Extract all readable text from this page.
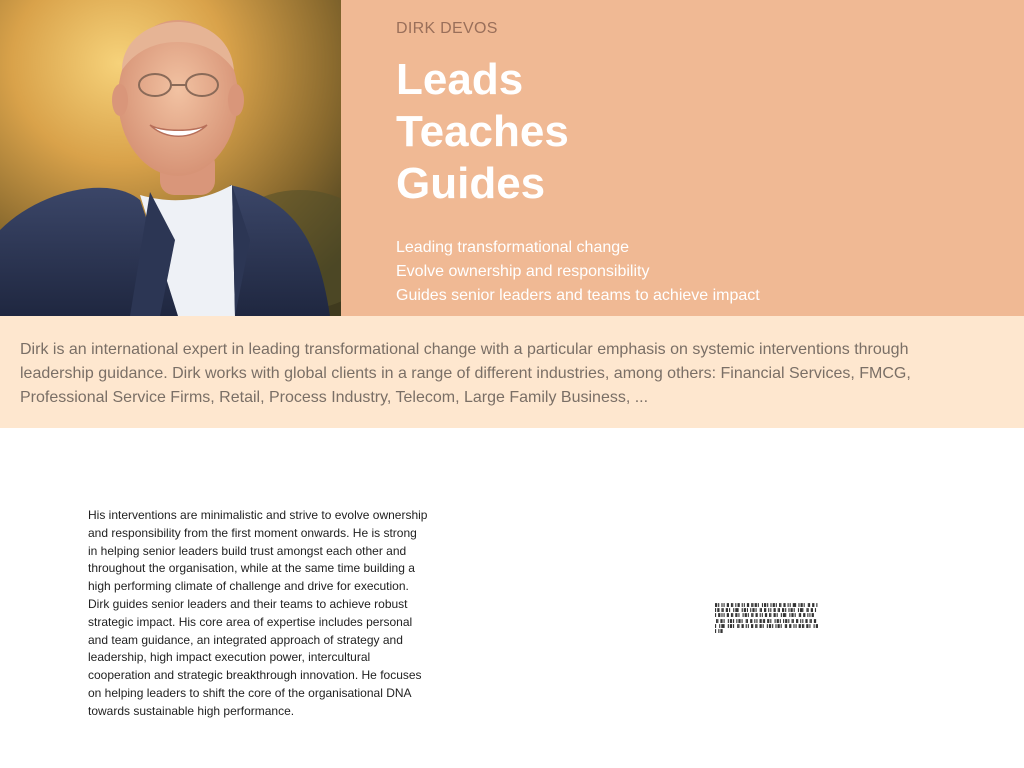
DIRK DEVOS

Leads
Teaches
Guides
Leading transformational change
Evolve ownership and responsibility
Guides senior leaders and teams to achieve impact

Dirk is an international expert in leading transformational change with a particular emphasis on systemic interventions through leadership guidance. Dirk works with global clients in a range of different industries, among others: Financial Services, FMCG, Professional Service Firms, Retail, Process Industry, Telecom, Large Family Business, ...

His interventions are minimalistic and strive to evolve ownership and responsibility from the first moment onwards. He is strong in helping senior leaders build trust amongst each other and throughout the organisation, while at the same time building a high performing climate of challenge and drive for execution. Dirk guides senior leaders and their teams to achieve robust strategic impact. His core area of expertise includes personal and team guidance, an integrated approach of strategy and leadership, high impact execution power, intercultural cooperation and strategic breakthrough innovation. He focuses on helping leaders to shift the core of the organisational DNA towards sustainable high performance.

█ ▌▐ ▌ █ ▐▌ ▌█ ▐ ▌ █ ▐▌█ ▌ ▐ █ ▌▐ █ ▌▐▌ █ ▐ ▌ █▌▐ █ ▌ ▐▌ █ ▐ ▌█ ▐▌ █ ▌ ▐ █▌ ▐ █ ▌▐ █ ▌ ▐▌ █ ▐ ▌ █ ▐▌ █ ▌▐ █ ▌ ▐ █▌ ▐▌ █ ▐ ▌ █▐ ▌ █ ▐▌ █ ▌ ▐ █ ▌▐▌ █ ▐ ▌ █ ▐▌ █ ▌ ▐ █▌ ▐ █ ▌ ▐▌ █ ▐ ▌█ ▐▌ █ ▌ ▐ █ ▌▐ █ ▌ ▐▌ █ ▐ ▌ █▐▌ █ ▌ ▐ █ ▌▐ █ ▌▐▌ █ ▐ ▌ █ ▐▌ █ ▌ ▐ █▌ ▐ █ ▌ ▐▌ █ ▐ ▌ █ ▐▌ █ ▌ ▐ █ ▌▐ █ ▌ ▐▌ █ ▐ ▌ █▐▌ █ ▌ ▐ █ ▌▐ █
